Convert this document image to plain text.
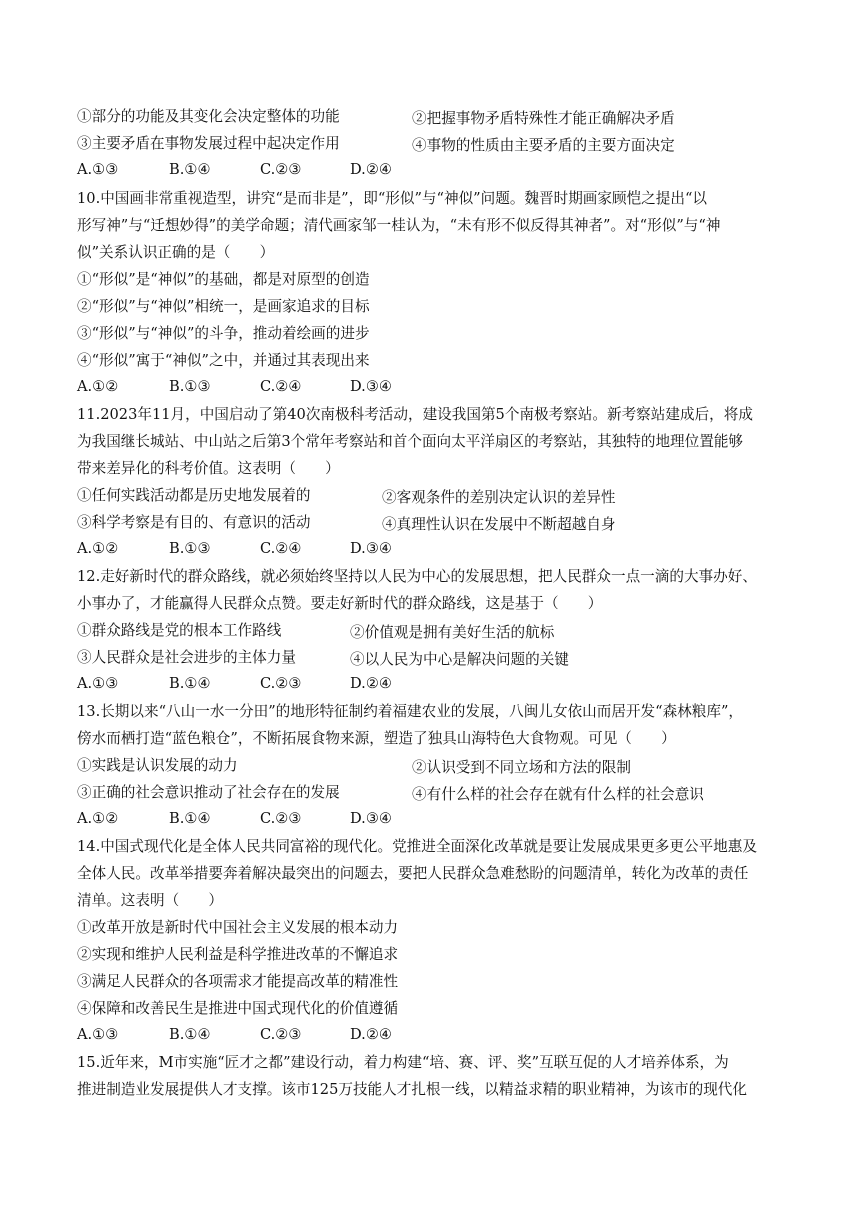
①部分的功能及其变化会决定整体的功能	②把握事物矛盾特殊性才能正确解决矛盾
③主要矛盾在事物发展过程中起决定作用	④事物的性质由主要矛盾的主要方面决定
A.①③	B.①④	C.②③	D.②④
10.中国画非常重视造型，讲究“是而非是”，即“形似”与“神似”问题。魏晋时期画家顾恺之提出“以
形写神”与“迁想妙得”的美学命题；清代画家邹一桂认为，“未有形不似反得其神者”。对“形似”与“神
似”关系认识正确的是（　　）
①“形似”是“神似”的基础，都是对原型的创造
②“形似”与“神似”相统一，是画家追求的目标
③“形似”与“神似”的斗争，推动着绘画的进步
④“形似”寓于“神似”之中，并通过其表现出来
A.①②	B.①③	C.②④	D.③④
11.2023年11月，中国启动了第40次南极科考活动，建设我国第5个南极考察站。新考察站建成后，将成
为我国继长城站、中山站之后第3个常年考察站和首个面向太平洋扇区的考察站，其独特的地理位置能够
带来差异化的科考价值。这表明（　　）
①任何实践活动都是历史地发展着的	②客观条件的差别决定认识的差异性
③科学考察是有目的、有意识的活动	④真理性认识在发展中不断超越自身
A.①②	B.①③	C.②④	D.③④
12.走好新时代的群众路线，就必须始终坚持以人民为中心的发展思想，把人民群众一点一滴的大事办好、
小事办了，才能赢得人民群众点赞。要走好新时代的群众路线，这是基于（　　）
①群众路线是党的根本工作路线	②价值观是拥有美好生活的航标
③人民群众是社会进步的主体力量	④以人民为中心是解决问题的关键
A.①③	B.①④	C.②③	D.②④
13.长期以来“八山一水一分田”的地形特征制约着福建农业的发展，八闽儿女依山而居开发“森林粮库”，
傍水而栖打造“蓝色粮仓”，不断拓展食物来源，塑造了独具山海特色大食物观。可见（　　）
①实践是认识发展的动力	②认识受到不同立场和方法的限制
③正确的社会意识推动了社会存在的发展	④有什么样的社会存在就有什么样的社会意识
A.①②	B.①④	C.②③	D.③④
14.中国式现代化是全体人民共同富裕的现代化。党推进全面深化改革就是要让发展成果更多更公平地惠及
全体人民。改革举措要奔着解决最突出的问题去，要把人民群众急难愁盼的问题清单，转化为改革的责任
清单。这表明（　　）
①改革开放是新时代中国社会主义发展的根本动力
②实现和维护人民利益是科学推进改革的不懈追求
③满足人民群众的各项需求才能提高改革的精准性
④保障和改善民生是推进中国式现代化的价值遵循
A.①③	B.①④	C.②③	D.②④
15.近年来，M市实施“匠才之都”建设行动，着力构建“培、赛、评、奖”互联互促的人才培养体系，为
推进制造业发展提供人才支撑。该市125万技能人才扎根一线，以精益求精的职业精神，为该市的现代化
